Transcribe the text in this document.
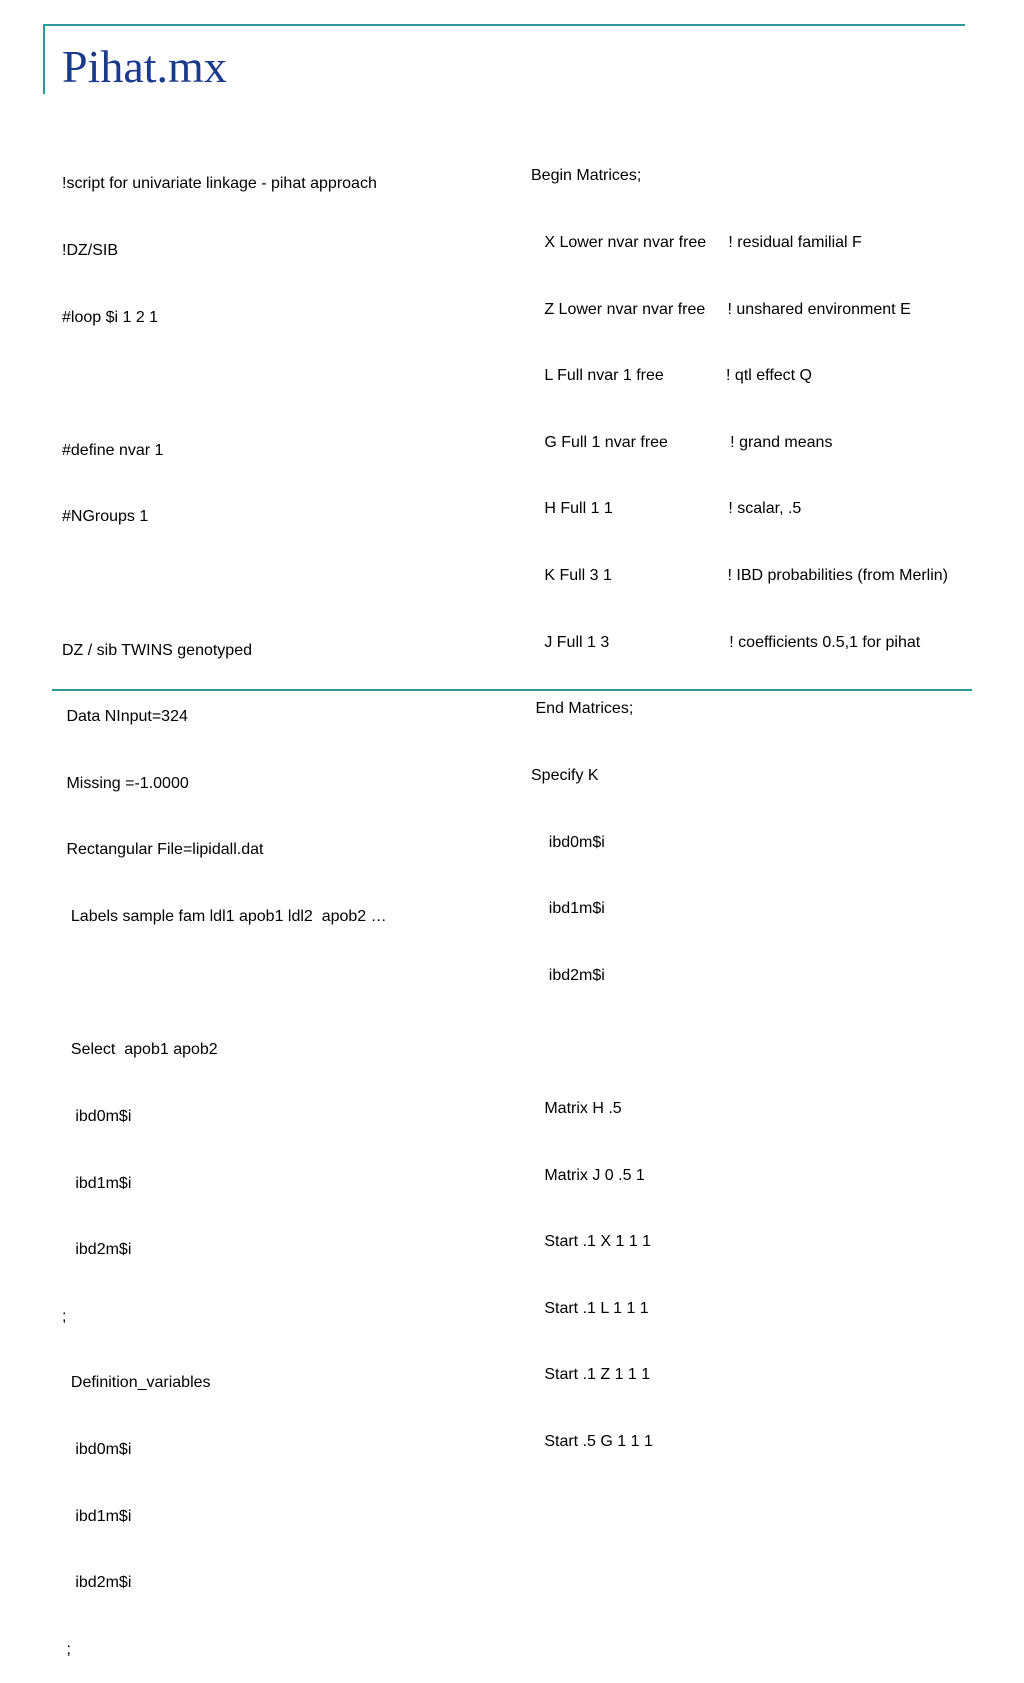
Pihat.mx

!script for univariate linkage - pihat approach

!DZ/SIB

#loop $i 1 2 1

#define nvar 1

#NGroups 1

DZ / sib TWINS genotyped

Data NInput=324

Missing =-1.0000

Rectangular File=lipidall.dat

Labels sample fam ldl1 apob1 ldl2  apob2 …

Select  apob1 apob2

ibd0m$i

ibd1m$i

ibd2m$i

;

Definition_variables

ibd0m$i

ibd1m$i

ibd2m$i

;

Begin Matrices;

X Lower nvar nvar free     ! residual familial F

Z Lower nvar nvar free     ! unshared environment E

L Full nvar 1 free              ! qtl effect Q

G Full 1 nvar free              ! grand means

H Full 1 1                          ! scalar, .5

K Full 3 1                          ! IBD probabilities (from Merlin)

J Full 1 3                           ! coefficients 0.5,1 for pihat

End Matrices;

Specify K

ibd0m$i

ibd1m$i

ibd2m$i

Matrix H .5

Matrix J 0 .5 1

Start .1 X 1 1 1

Start .1 L 1 1 1

Start .1 Z 1 1 1

Start .5 G 1 1 1
